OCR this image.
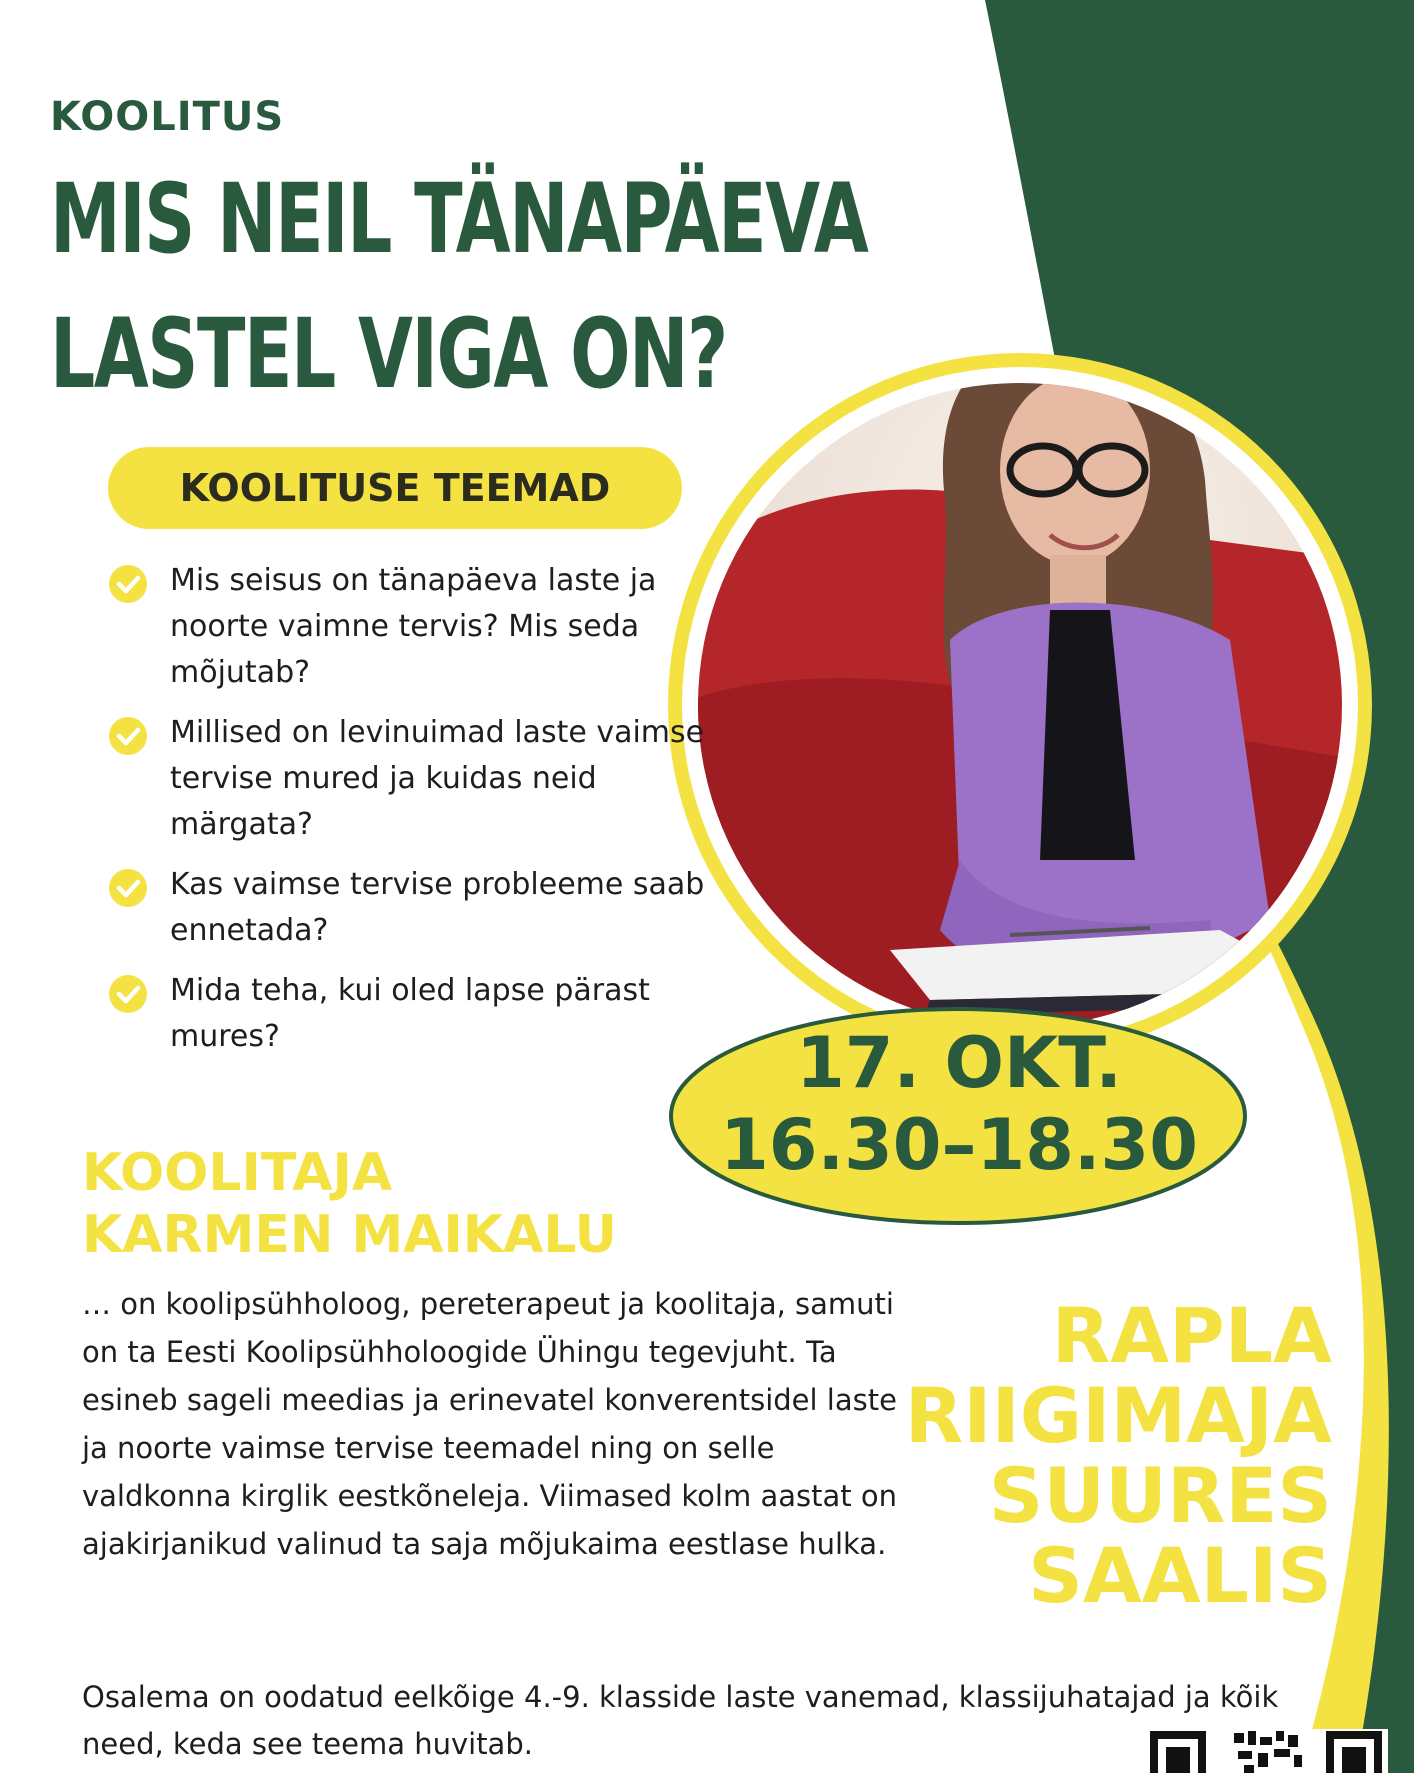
KOOLITUS
MIS NEIL TÄNAPÄEVA
LASTEL VIGA ON?
KOOLITUSE TEEMAD
Mis seisus on tänapäeva laste ja noorte vaimne tervis? Mis seda mõjutab?
Millised on levinuimad laste vaimse tervise mured ja kuidas neid märgata?
Kas vaimse tervise probleeme saab ennetada?
Mida teha, kui oled lapse pärast mures?	17. OKT.
16.30–18.30
KOOLITAJA
KARMEN MAIKALU

… on koolipsühholoog, pereterapeut ja koolitaja, samuti on ta Eesti Koolipsühholoogide Ühingu tegevjuht. Ta esineb sageli meedias ja erinevatel konverentsidel laste ja noorte vaimse tervise teemadel ning on selle valdkonna kirglik eestkõneleja. Viimased kolm aastat on ajakirjanikud valinud ta saja mõjukaima eestlase hulka.

RAPLA
RIIGIMAJA
SUURES
SAALIS

Osalema on oodatud eelkõige 4.-9. klasside laste vanemad, klassijuhatajad ja kõik need, keda see teema huvitab.
